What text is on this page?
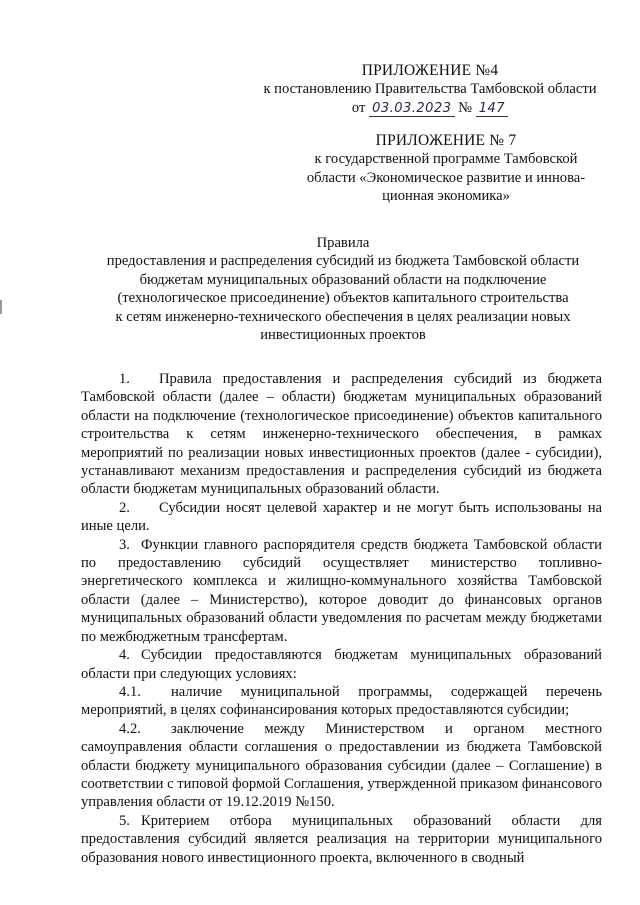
ПРИЛОЖЕНИЕ №4
к постановлению Правительства Тамбовской области
от 03.03.2023 № 147
ПРИЛОЖЕНИЕ № 7
к государственной программе Тамбовской
области «Экономическое развитие и иннова-
ционная экономика»
Правила
предоставления и распределения субсидий из бюджета Тамбовской области
бюджетам муниципальных образований области на подключение
(технологическое присоединение) объектов капитального строительства
к сетям инженерно-технического обеспечения в целях реализации новых
инвестиционных проектов
1. Правила предоставления и распределения субсидий из бюджета Тамбовской области (далее – области) бюджетам муниципальных образований области на подключение (технологическое присоединение) объектов капитального строительства к сетям инженерно-технического обеспечения, в рамках мероприятий по реализации новых инвестиционных проектов (далее - субсидии), устанавливают механизм предоставления и распределения субсидий из бюджета области бюджетам муниципальных образований области.
2. Субсидии носят целевой характер и не могут быть использованы на иные цели.
3. Функции главного распорядителя средств бюджета Тамбовской области по предоставлению субсидий осуществляет министерство топливно-энергетического комплекса и жилищно-коммунального хозяйства Тамбовской области (далее – Министерство), которое доводит до финансовых органов муниципальных образований области уведомления по расчетам между бюджетами по межбюджетным трансфертам.
4. Субсидии предоставляются бюджетам муниципальных образований области при следующих условиях:
4.1. наличие муниципальной программы, содержащей перечень мероприятий, в целях софинансирования которых предоставляются субсидии;
4.2. заключение между Министерством и органом местного самоуправления области соглашения о предоставлении из бюджета Тамбовской области бюджету муниципального образования субсидии (далее – Соглашение) в соответствии с типовой формой Соглашения, утвержденной приказом финансового управления области от 19.12.2019 №150.
5. Критерием отбора муниципальных образований области для предоставления субсидий является реализация на территории муниципального образования нового инвестиционного проекта, включенного в сводный
